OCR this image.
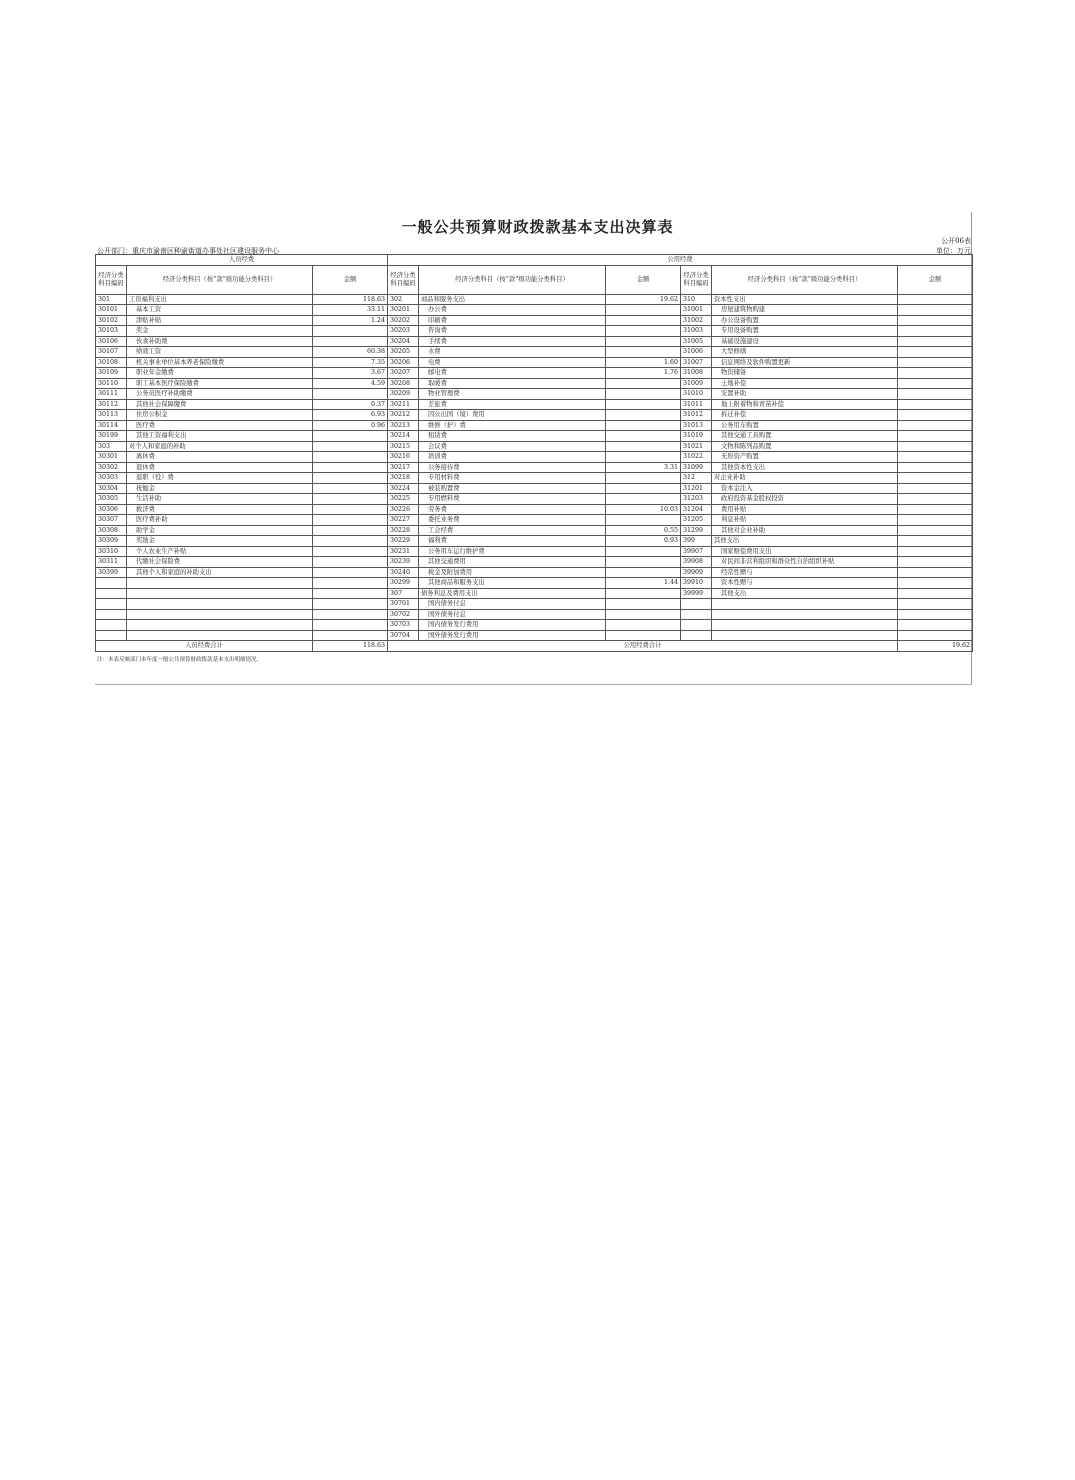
一般公共预算财政拨款基本支出决算表
公开06表
单位：万元
公开部门：重庆市渝南区种渝街道办事处社区建设服务中心
人员经费			公用经费					
经济分类科目编码	经济分类科目（按“款”级功能分类科目）	金额	经济分类科目编码	经济分类科目（按“款”级功能分类科目）	金额	经济分类科目编码	经济分类科目（按“款”级功能分类科目）	金额
301	工资福利支出	118.63	302	商品和服务支出	19.62	310	资本性支出	
30101	基本工资	33.11	30201	办公费		31001	房屋建筑物购建	
30102	津贴补贴	1.24	30202	印刷费		31002	办公设备购置	
30103	奖金		30203	咨询费		31003	专用设备购置	
30106	伙食补助费		30204	手续费		31005	基础设施建设	
30107	绩效工资	60.38	30205	水费		31006	大型修缮	
30108	机关事业单位基本养老保险缴费	7.35	30206	电费	1.60	31007	信息网络及软件购置更新	
30109	职业年金缴费	3.67	30207	邮电费	1.76	31008	物资储备	
30110	职工基本医疗保险缴费	4.59	30208	取暖费		31009	土地补偿	
30111	公务员医疗补助缴费		30209	物业管理费		31010	安置补助	
30112	其他社会保障缴费	0.37	30211	差旅费		31011	地上附着物和青苗补偿	
30113	住房公积金	6.93	30212	因公出国（境）费用		31012	拆迁补偿	
30114	医疗费	0.96	30213	维修（护）费		31013	公务用车购置	
30199	其他工资福利支出		30214	租赁费		31019	其他交通工具购置	
303	对个人和家庭的补助		30215	会议费		31021	文物和陈列品购置	
30301	离休费		30216	培训费		31022	无形资产购置	
30302	退休费		30217	公务接待费	3.31	31099	其他资本性支出	
30303	退职（役）费		30218	专用材料费		312	对企业补助	
30304	抚恤金		30224	被装购置费		31201	资本金注入	
30305	生活补助		30225	专用燃料费		31203	政府投资基金股权投资	
30306	救济费		30226	劳务费	10.03	31204	费用补贴	
30307	医疗费补助		30227	委托业务费		31205	利息补贴	
30308	助学金		30228	工会经费	0.55	31299	其他对企业补助	
30309	奖励金		30229	福利费	0.93	399	其他支出	
30310	个人农业生产补贴		30231	公务用车运行维护费		39907	国家赔偿费用支出	
30311	代缴社会保险费		30239	其他交通费用		39908	对民间非营利组织和群众性自治组织补贴	
30399	其他个人和家庭的补助支出		30240	税金及附加费用		39909	经常性赠与	
			30299	其他商品和服务支出	1.44	39910	资本性赠与	
			307	债务利息及费用支出		39999	其他支出	
			30701	国内债务付息				
			30702	国外债务付息				
			30703	国内债务发行费用				
			30704	国外债务发行费用				
人员经费合计		118.63	公用经费合计					19.62
注：本表反映部门本年度一般公共预算财政拨款基本支出明细情况。
